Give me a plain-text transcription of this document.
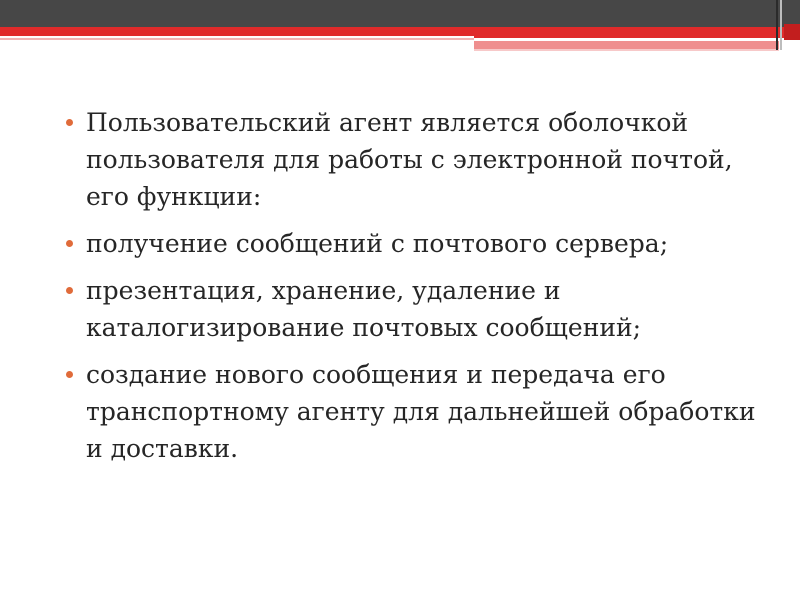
Пользовательский агент является оболочкой пользователя для работы с электронной почтой, его функции:
получение сообщений с почтового сервера;
презентация, хранение, удаление и каталогизирование почтовых сообщений;
создание нового сообщения и передача его транспортному агенту для дальнейшей обработки и доставки.
